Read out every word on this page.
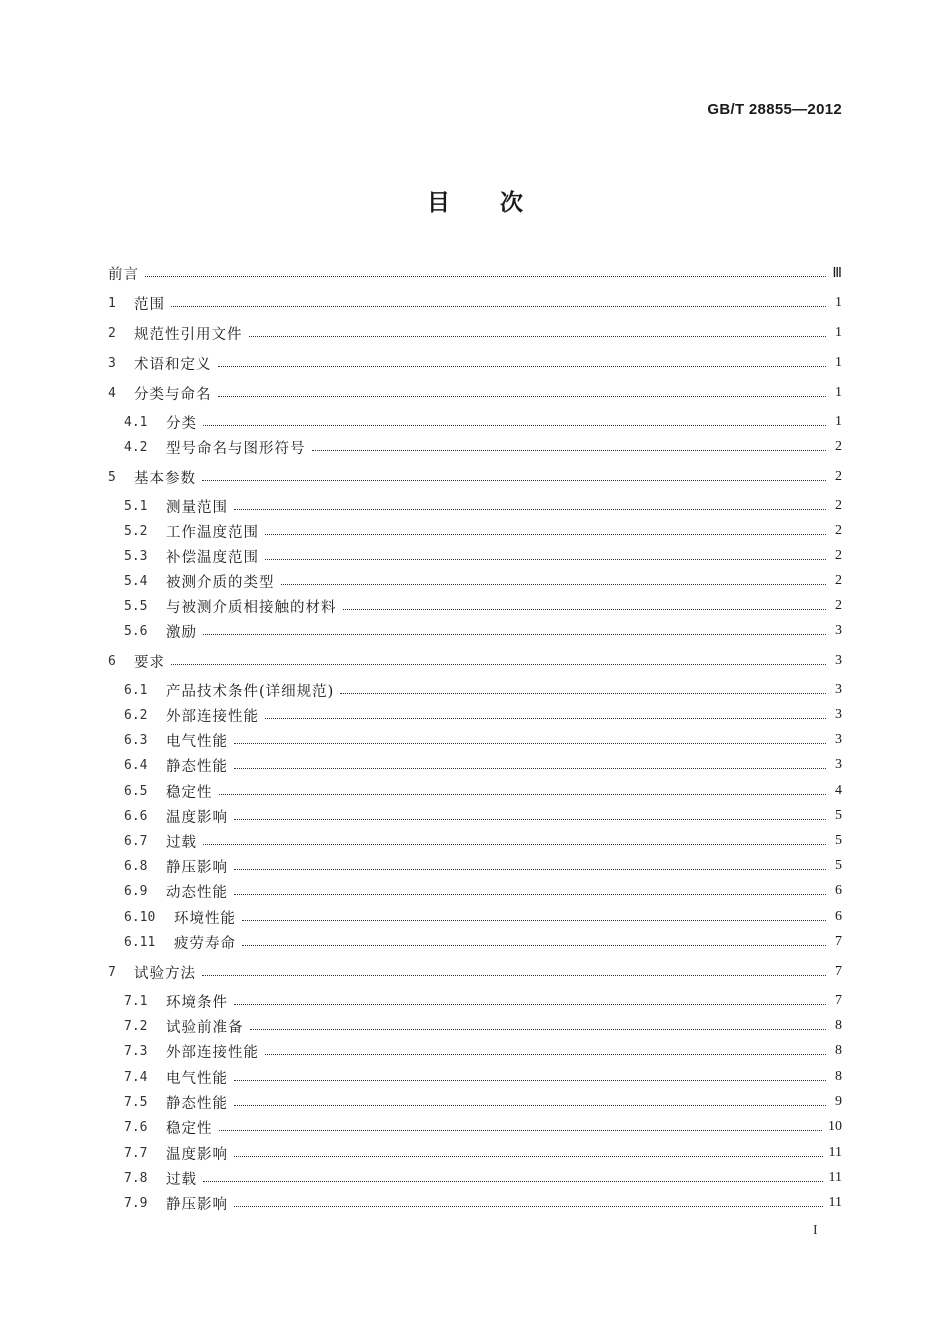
GB/T 28855—2012
目 次
前言	Ⅲ
1	范围	1
2	规范性引用文件	1
3	术语和定义	1
4	分类与命名	1
4.1	分类	1
4.2	型号命名与图形符号	2
5	基本参数	2
5.1	测量范围	2
5.2	工作温度范围	2
5.3	补偿温度范围	2
5.4	被测介质的类型	2
5.5	与被测介质相接触的材料	2
5.6	激励	3
6	要求	3
6.1	产品技术条件(详细规范)	3
6.2	外部连接性能	3
6.3	电气性能	3
6.4	静态性能	3
6.5	稳定性	4
6.6	温度影响	5
6.7	过载	5
6.8	静压影响	5
6.9	动态性能	6
6.10	环境性能	6
6.11	疲劳寿命	7
7	试验方法	7
7.1	环境条件	7
7.2	试验前准备	8
7.3	外部连接性能	8
7.4	电气性能	8
7.5	静态性能	9
7.6	稳定性	10
7.7	温度影响	11
7.8	过载	11
7.9	静压影响	11
I
